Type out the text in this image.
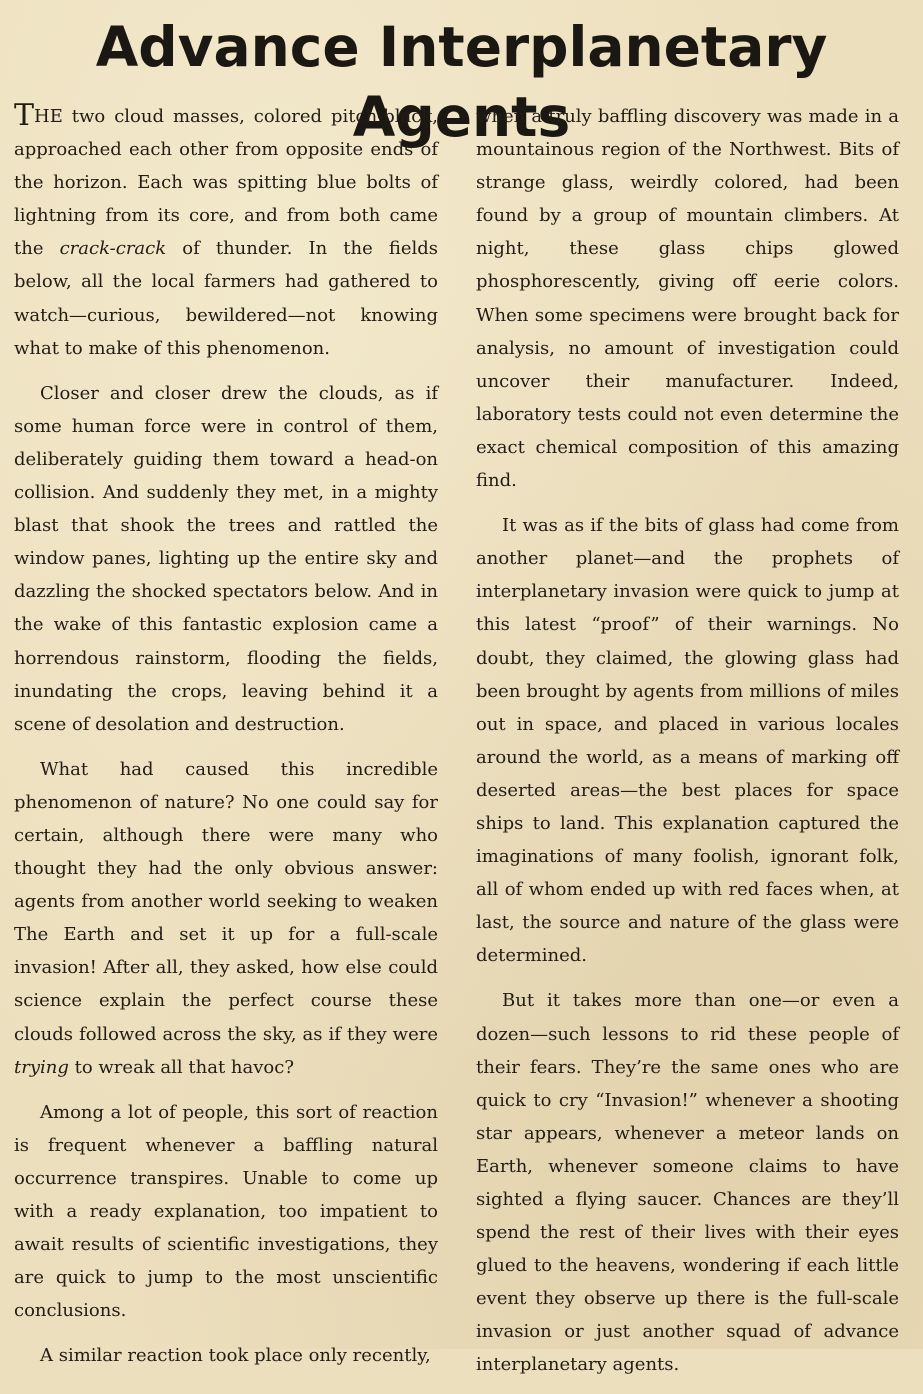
Advance Interplanetary Agents

THE two cloud masses, colored pitch-black, approached each other from opposite ends of the horizon. Each was spitting blue bolts of lightning from its core, and from both came the crack-crack of thunder. In the fields below, all the local farmers had gathered to watch—curious, bewildered—not knowing what to make of this phenomenon.

Closer and closer drew the clouds, as if some human force were in control of them, deliberately guiding them toward a head-on collision. And suddenly they met, in a mighty blast that shook the trees and rattled the window panes, lighting up the entire sky and dazzling the shocked spectators below. And in the wake of this fantastic explosion came a horrendous rainstorm, flooding the fields, inundating the crops, leaving behind it a scene of desolation and destruction.

What had caused this incredible phenomenon of nature? No one could say for certain, although there were many who thought they had the only obvious answer: agents from another world seeking to weaken The Earth and set it up for a full-scale invasion! After all, they asked, how else could science explain the perfect course these clouds followed across the sky, as if they were trying to wreak all that havoc?

Among a lot of people, this sort of reaction is frequent whenever a baffling natural occurrence transpires. Unable to come up with a ready explanation, too impatient to await results of scientific investigations, they are quick to jump to the most unscientific conclusions.

A similar reaction took place only recently,

when a truly baffling discovery was made in a mountainous region of the Northwest. Bits of strange glass, weirdly colored, had been found by a group of mountain climbers. At night, these glass chips glowed phosphorescently, giving off eerie colors. When some specimens were brought back for analysis, no amount of investigation could uncover their manufacturer. Indeed, laboratory tests could not even determine the exact chemical composition of this amazing find.

It was as if the bits of glass had come from another planet—and the prophets of interplanetary invasion were quick to jump at this latest “proof” of their warnings. No doubt, they claimed, the glowing glass had been brought by agents from millions of miles out in space, and placed in various locales around the world, as a means of marking off deserted areas—the best places for space ships to land. This explanation captured the imaginations of many foolish, ignorant folk, all of whom ended up with red faces when, at last, the source and nature of the glass were determined.

But it takes more than one—or even a dozen—such lessons to rid these people of their fears. They’re the same ones who are quick to cry “Invasion!” whenever a shooting star appears, whenever a meteor lands on Earth, whenever someone claims to have sighted a flying saucer. Chances are they’ll spend the rest of their lives with their eyes glued to the heavens, wondering if each little event they observe up there is the full-scale invasion or just another squad of advance interplanetary agents.
